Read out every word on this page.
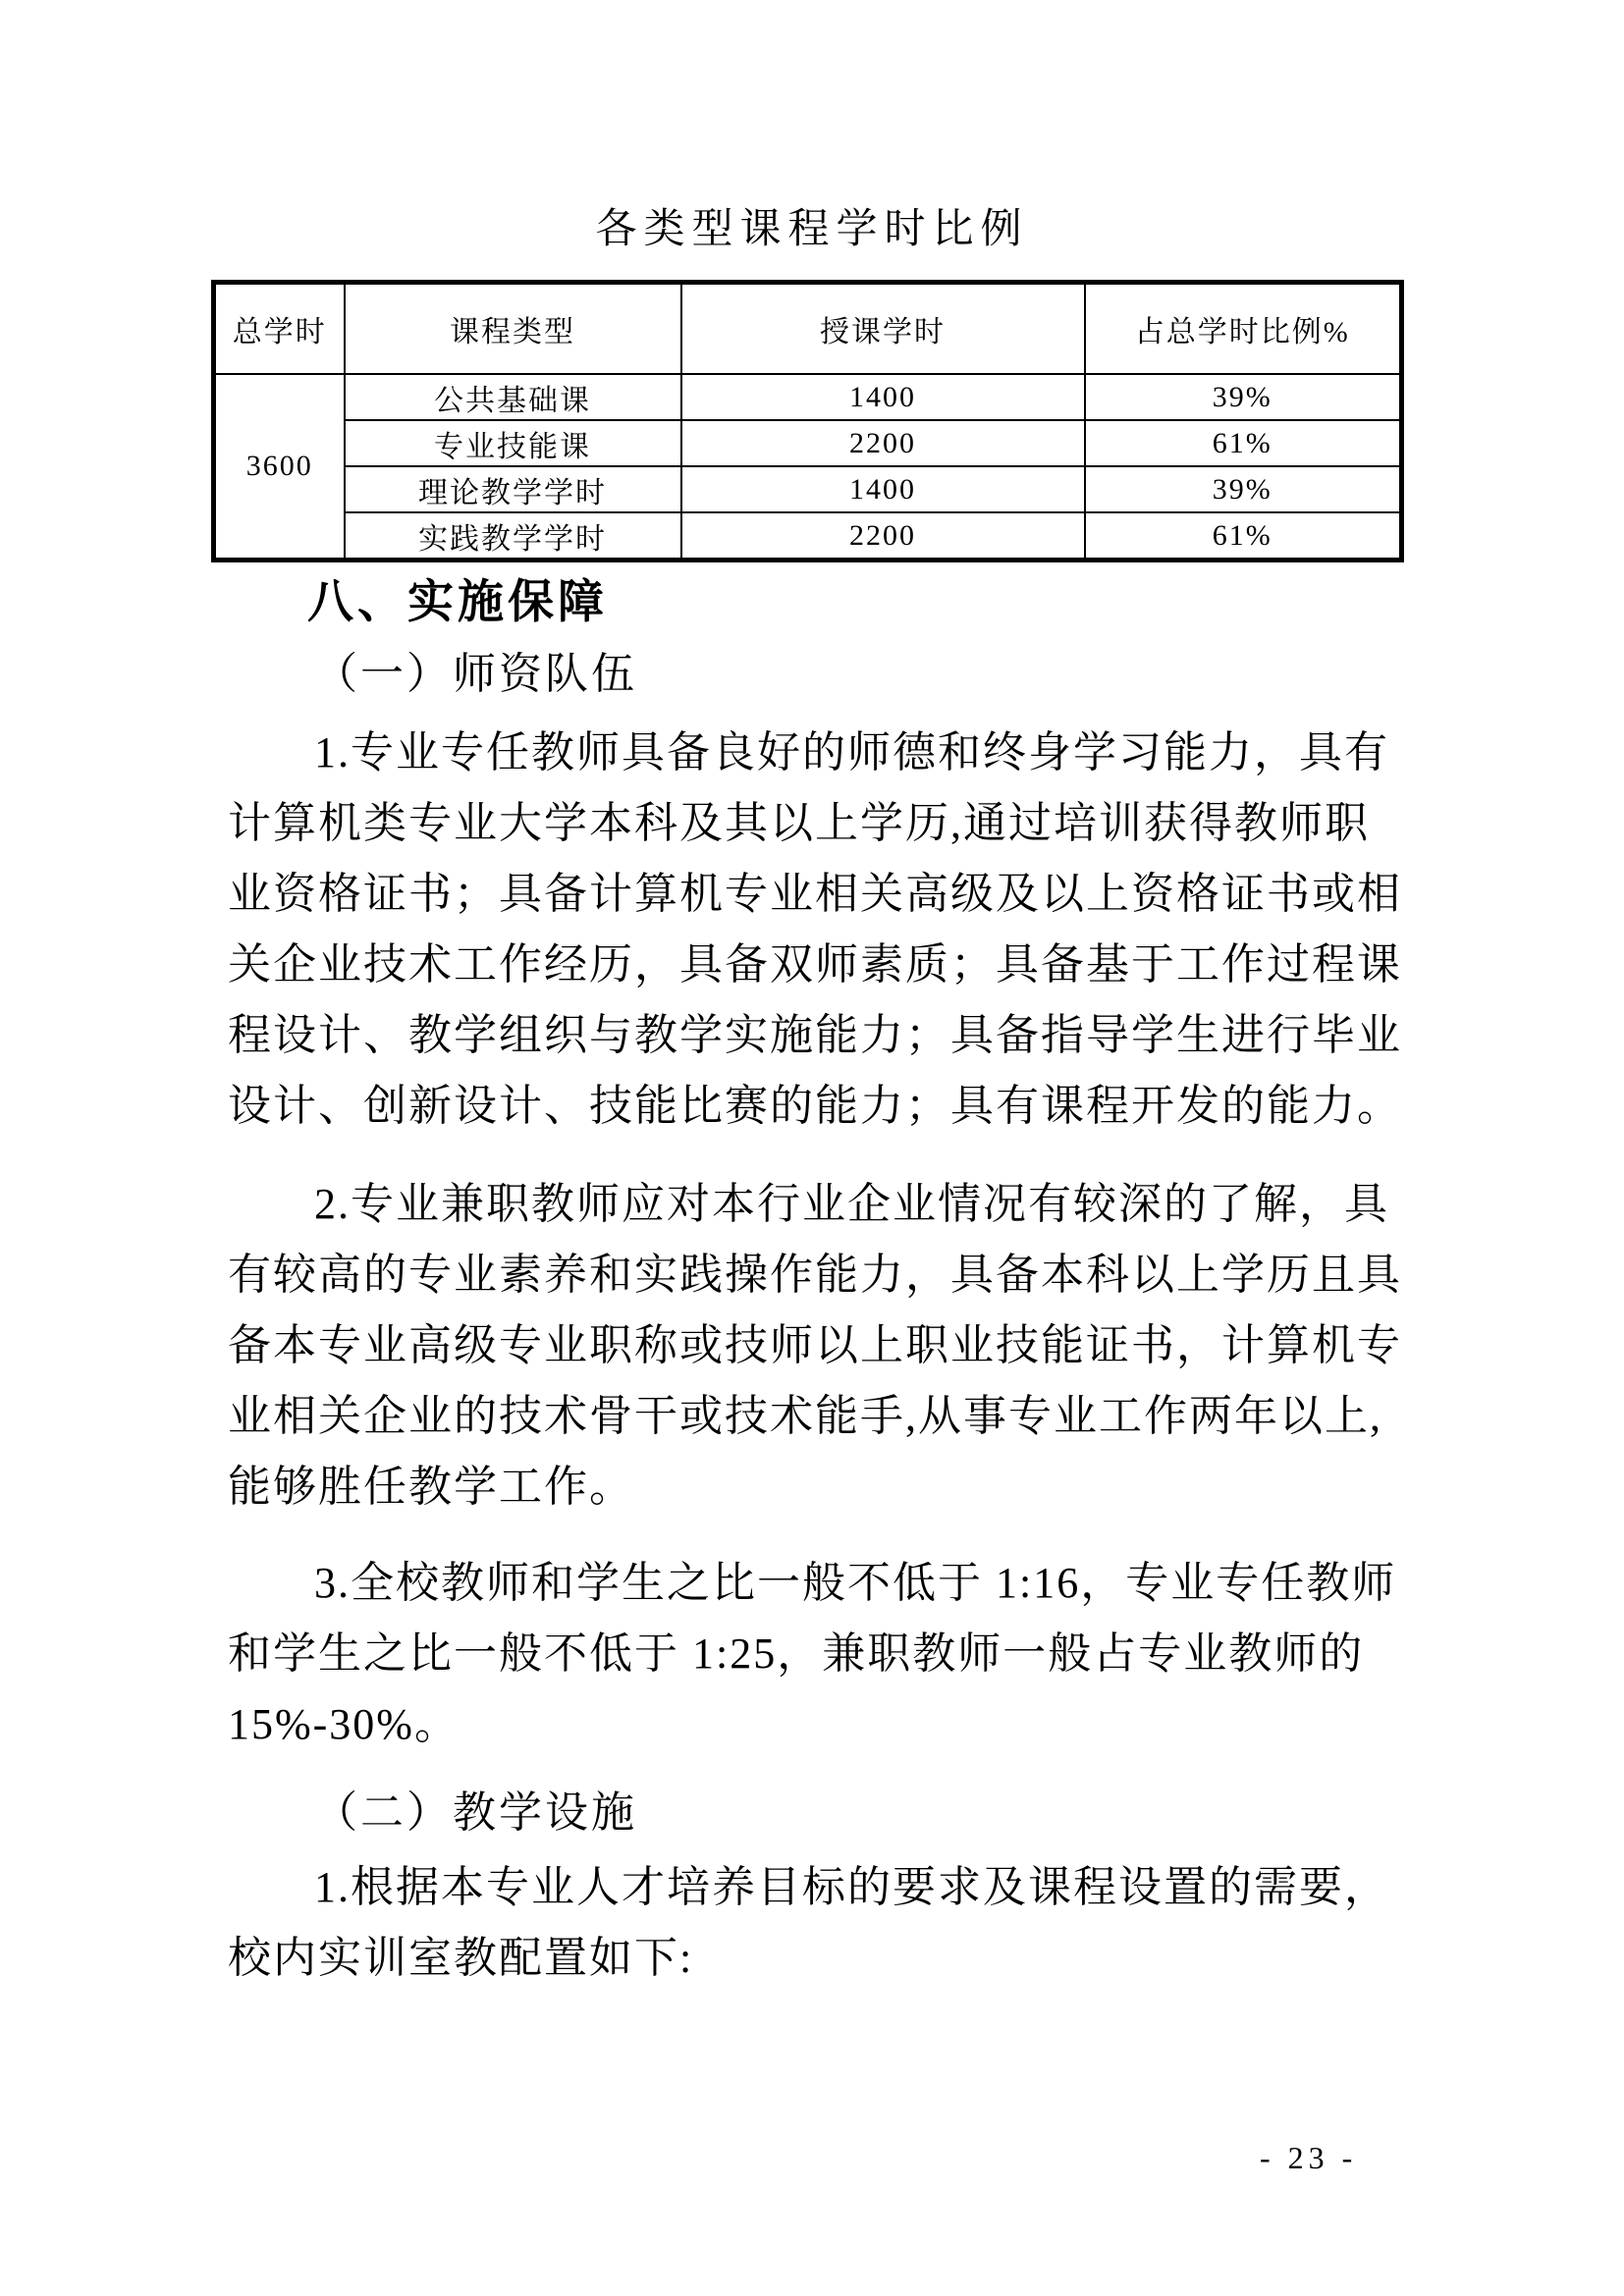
各类型课程学时比例
总学时	课程类型	授课学时	占总学时比例%
3600	公共基础课	1400	39%
	专业技能课	2200	61%
	理论教学学时	1400	39%
	实践教学学时	2200	61%
八、实施保障
（一）师资队伍
1.专业专任教师具备良好的师德和终身学习能力，具有
计算机类专业大学本科及其以上学历,通过培训获得教师职
业资格证书；具备计算机专业相关高级及以上资格证书或相
关企业技术工作经历，具备双师素质；具备基于工作过程课
程设计、教学组织与教学实施能力；具备指导学生进行毕业
设计、创新设计、技能比赛的能力；具有课程开发的能力。
2.专业兼职教师应对本行业企业情况有较深的了解，具
有较高的专业素养和实践操作能力，具备本科以上学历且具
备本专业高级专业职称或技师以上职业技能证书，计算机专
业相关企业的技术骨干或技术能手,从事专业工作两年以上,
能够胜任教学工作。
3.全校教师和学生之比一般不低于 1:16，专业专任教师
和学生之比一般不低于 1:25，兼职教师一般占专业教师的
15%-30%。
（二）教学设施
1.根据本专业人才培养目标的要求及课程设置的需要，
校内实训室教配置如下:
- 23 -
